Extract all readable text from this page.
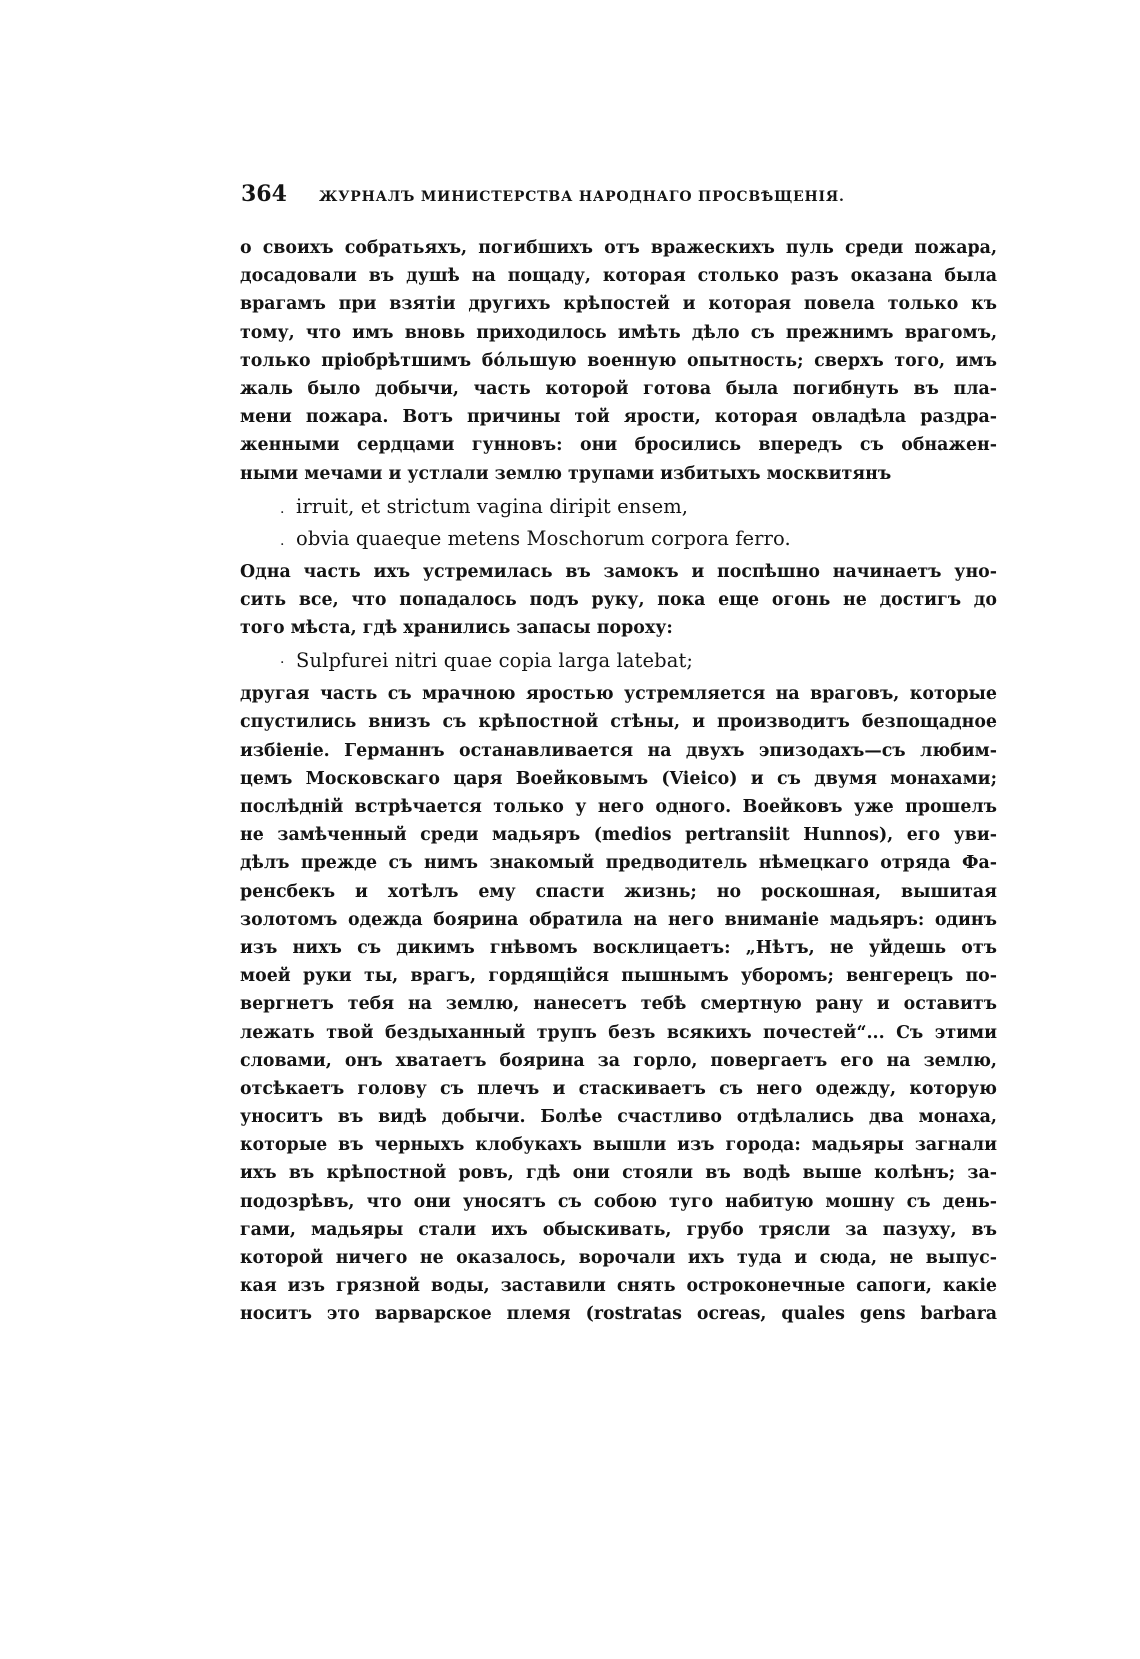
364 ЖУРНАЛЪ МИНИСТЕРСТВА НАРОДНАГО ПРОСВѢЩЕНІЯ.
о своихъ собратьяхъ, погибшихъ отъ вражескихъ пуль среди пожара,
досадовали въ душѣ на пощаду, которая столько разъ оказана была
врагамъ при взятіи другихъ крѣпостей и которая повела только къ
тому, что имъ вновь приходилось имѣть дѣло съ прежнимъ врагомъ,
только пріобрѣтшимъ бо́льшую военную опытность; сверхъ того, имъ
жаль было добычи, часть которой готова была погибнуть въ пла-
мени пожара. Вотъ причины той ярости, которая овладѣла раздра-
женными сердцами гунновъ: они бросились впередъ съ обнажен-
ными мечами и устлали землю трупами избитыхъ москвитянъ
. irruit, et strictum vagina diripit ensem,
. obvia quaeque metens Moschorum corpora ferro.
Одна часть ихъ устремилась въ замокъ и поспѣшно начинаетъ уно-
сить все, что попадалось подъ руку, пока еще огонь не достигъ до
того мѣста, гдѣ хранились запасы пороху:
· Sulpfurei nitri quae copia larga latebat;
другая часть съ мрачною яростью устремляется на враговъ, которые
спустились внизъ съ крѣпостной стѣны, и производитъ безпощадное
избіеніе. Германнъ останавливается на двухъ эпизодахъ—съ любим-
цемъ Московскаго царя Воейковымъ (Vieico) и съ двумя монахами;
послѣдній встрѣчается только у него одного. Воейковъ уже прошелъ
не замѣченный среди мадьяръ (medios pertransiit Hunnos), его уви-
дѣлъ прежде съ нимъ знакомый предводитель нѣмецкаго отряда Фа-
ренсбекъ и хотѣлъ ему спасти жизнь; но роскошная, вышитая
золотомъ одежда боярина обратила на него вниманіе мадьяръ: одинъ
изъ нихъ съ дикимъ гнѣвомъ восклицаетъ: „Нѣтъ, не уйдешь отъ
моей руки ты, врагъ, гордящійся пышнымъ уборомъ; венгерецъ по-
вергнетъ тебя на землю, нанесетъ тебѣ смертную рану и оставитъ
лежать твой бездыханный трупъ безъ всякихъ почестей“... Съ этими
словами, онъ хватаетъ боярина за горло, повергаетъ его на землю,
отсѣкаетъ голову съ плечъ и стаскиваетъ съ него одежду, которую
уноситъ въ видѣ добычи. Болѣе счастливо отдѣлались два монаха,
которые въ черныхъ клобукахъ вышли изъ города: мадьяры загнали
ихъ въ крѣпостной ровъ, гдѣ они стояли въ водѣ выше колѣнъ; за-
подозрѣвъ, что они уносятъ съ собою туго набитую мошну съ день-
гами, мадьяры стали ихъ обыскивать, грубо трясли за пазуху, въ
которой ничего не оказалось, ворочали ихъ туда и сюда, не выпус-
кая изъ грязной воды, заставили снять остроконечные сапоги, какіе
носитъ это варварское племя (rostratas ocreas, quales gens barbara
